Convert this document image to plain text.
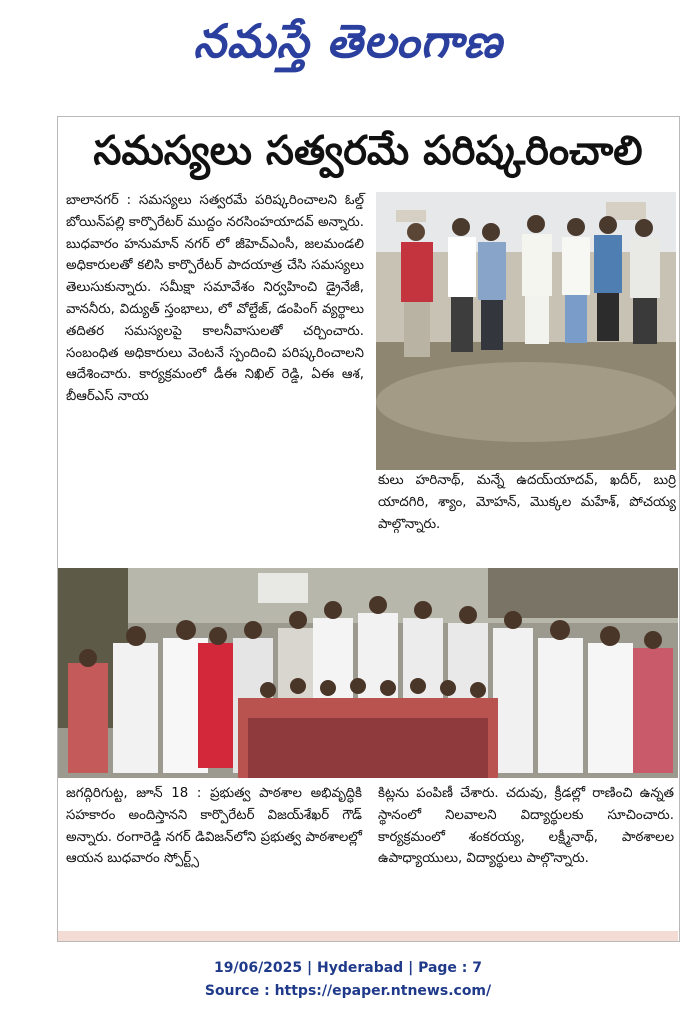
నమస్తే తెలంగాణ
సమస్యలు సత్వరమే పరిష్కరించాలి

బాలానగర్ : సమస్యలు సత్వరమే పరిష్కరించాలని ఓల్డ్ బోయిన్‌పల్లి కార్పొరేటర్ ముద్దం నరసింహయాదవ్ అన్నారు. బుధవారం హనుమాన్ నగర్ లో జీహెచ్ఎంసీ, జలమండలి అధికారులతో కలిసి కార్పొరేటర్ పాదయాత్ర చేసి సమస్యలు తెలుసుకున్నారు. సమీక్షా సమావేశం నిర్వహించి డ్రైనేజీ, వాననీరు, విద్యుత్ స్తంభాలు, లో వోల్టేజ్, డంపింగ్ వ్యర్థాలు తదితర సమస్యలపై కాలనీవాసులతో చర్చించారు. సంబంధిత అధికారులు వెంటనే స్పందించి పరిష్కరించాలని ఆదేశించారు. కార్యక్రమంలో డీఈ నిఖిల్ రెడ్డి, ఏఈ ఆశ, బీఆర్ఎస్ నాయ

కులు హరినాథ్, మన్నే ఉదయ్‌యాదవ్, ఖదీర్, బుర్రి యాదగిరి, శ్యాం, మోహన్, మొక్కల మహేశ్, పోచయ్య పాల్గొన్నారు.

జగద్గిరిగుట్ట, జూన్ 18 : ప్రభుత్వ పాఠశాల అభివృద్ధికి సహకారం అందిస్తానని కార్పొరేటర్ విజయ్‌శేఖర్ గౌడ్ అన్నారు. రంగారెడ్డి నగర్ డివిజన్‌లోని ప్రభుత్వ పాఠశాలల్లో ఆయన బుధవారం స్పోర్ట్స్

కిట్లను పంపిణీ చేశారు. చదువు, క్రీడల్లో రాణించి ఉన్నత స్థానంలో నిలవాలని విద్యార్థులకు సూచించారు. కార్యక్రమంలో శంకరయ్య, లక్ష్మీనాథ్, పాఠశాలల ఉపాధ్యాయులు, విద్యార్థులు పాల్గొన్నారు.

19/06/2025 | Hyderabad | Page : 7
Source : https://epaper.ntnews.com/
